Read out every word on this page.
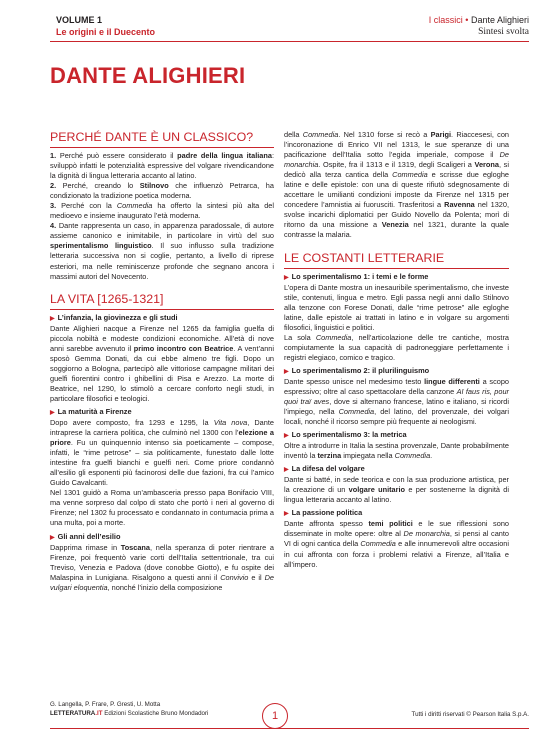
VOLUME 1
Le origini e il Duecento
I classici • Dante Alighieri
Sintesi svolta
DANTE ALIGHIERI
PERCHÉ DANTE È UN CLASSICO?

1. Perché può essere considerato il padre della lingua italiana: sviluppò infatti le potenzialità espressive del volgare rivendicandone la dignità di lingua letteraria accanto al latino.

2. Perché, creando lo Stilnovo che influenzò Petrarca, ha condizionato la tradizione poetica moderna.

3. Perché con la Commedia ha offerto la sintesi più alta del medioevo e insieme inaugurato l’età moderna.

4. Dante rappresenta un caso, in apparenza paradossale, di autore assieme canonico e inimitabile, in particolare in virtù del suo sperimentalismo linguistico. Il suo influsso sulla tradizione letteraria successiva non si coglie, pertanto, a livello di riprese esteriori, ma nelle reminiscenze profonde che segnano ancora i massimi autori del Novecento.

LA VITA [1265-1321]
▶ L’infanzia, la giovinezza e gli studi

Dante Alighieri nacque a Firenze nel 1265 da famiglia guelfa di piccola nobiltà e modeste condizioni economiche. All’età di nove anni sarebbe avvenuto il primo incontro con Beatrice. A vent’anni sposò Gemma Donati, da cui ebbe almeno tre figli. Dopo un soggiorno a Bologna, partecipò alle vittoriose campagne militari dei guelfi fiorentini contro i ghibellini di Pisa e Arezzo. La morte di Beatrice, nel 1290, lo stimolò a cercare conforto negli studi, in particolare filosofici e teologici.

▶ La maturità a Firenze

Dopo avere composto, fra 1293 e 1295, la Vita nova, Dante intraprese la carriera politica, che culminò nel 1300 con l’elezione a priore. Fu un quinquennio intenso sia poeticamente – compose, infatti, le “rime petrose” – sia politicamente, funestato dalle lotte intestine fra guelfi bianchi e guelfi neri. Come priore condannò all’esilio gli esponenti più facinorosi delle due fazioni, fra cui l’amico Guido Cavalcanti.

Nel 1301 guidò a Roma un’ambasceria presso papa Bonifacio VIII, ma venne sorpreso dal colpo di stato che portò i neri al governo di Firenze; nel 1302 fu processato e condannato in contumacia prima a una multa, poi a morte.

▶ Gli anni dell’esilio

Dapprima rimase in Toscana, nella speranza di poter rientrare a Firenze, poi frequentò varie corti dell’Italia settentrionale, tra cui Treviso, Venezia e Padova (dove conobbe Giotto), e fu ospite dei Malaspina in Lunigiana. Risalgono a questi anni il Convivio e il De vulgari eloquentia, nonché l’inizio della composizione

della Commedia. Nel 1310 forse si recò a Parigi. Riaccesesi, con l’incoronazione di Enrico VII nel 1313, le sue speranze di una pacificazione dell’Italia sotto l’egida imperiale, compose il De monarchia. Ospite, fra il 1313 e il 1319, degli Scaligeri a Verona, si dedicò alla terza cantica della Commedia e scrisse due egloghe latine e delle epistole: con una di queste rifiutò sdegnosamente di accettare le umilianti condizioni imposte da Firenze nel 1315 per concedere l’amnistia ai fuorusciti. Trasferitosi a Ravenna nel 1320, svolse incarichi diplomatici per Guido Novello da Polenta; morì di ritorno da una missione a Venezia nel 1321, durante la quale contrasse la malaria.

LE COSTANTI LETTERARIE
▶ Lo sperimentalismo 1: i temi e le forme

L’opera di Dante mostra un inesauribile sperimentalismo, che investe stile, contenuti, lingua e metro. Egli passa negli anni dallo Stilnovo alla tenzone con Forese Donati, dalle “rime petrose” alle egloghe latine, dalle epistole ai trattati in latino e in volgare su argomenti filosofici, linguistici e politici.

La sola Commedia, nell’articolazione delle tre cantiche, mostra compiutamente la sua capacità di padroneggiare perfettamente i registri elegiaco, comico e tragico.

▶ Lo sperimentalismo 2: il plurilinguismo

Dante spesso unisce nel medesimo testo lingue differenti a scopo espressivo; oltre al caso spettacolare della canzone Aï faus ris, pour quoi traï aves, dove si alternano francese, latino e italiano, si ricordi l’impiego, nella Commedia, del latino, del provenzale, dei volgari locali, nonché il ricorso sempre più frequente ai neologismi.

▶ Lo sperimentalismo 3: la metrica

Oltre a introdurre in Italia la sestina provenzale, Dante probabilmente inventò la terzina impiegata nella Commedia.

▶ La difesa del volgare

Dante si batté, in sede teorica e con la sua produzione artistica, per la creazione di un volgare unitario e per sostenerne la dignità di lingua letteraria accanto al latino.

▶ La passione politica

Dante affronta spesso temi politici e le sue riflessioni sono disseminate in molte opere: oltre al De monarchia, si pensi al canto VI di ogni cantica della Commedia e alle innumerevoli altre occasioni in cui affronta con forza i problemi relativi a Firenze, all’Italia e all’impero.

G. Langella, P. Frare, P. Gresti, U. Motta
LETTERATURA.IT Edizioni Scolastiche Bruno Mondadori	1	Tutti i diritti riservati © Pearson Italia S.p.A.
